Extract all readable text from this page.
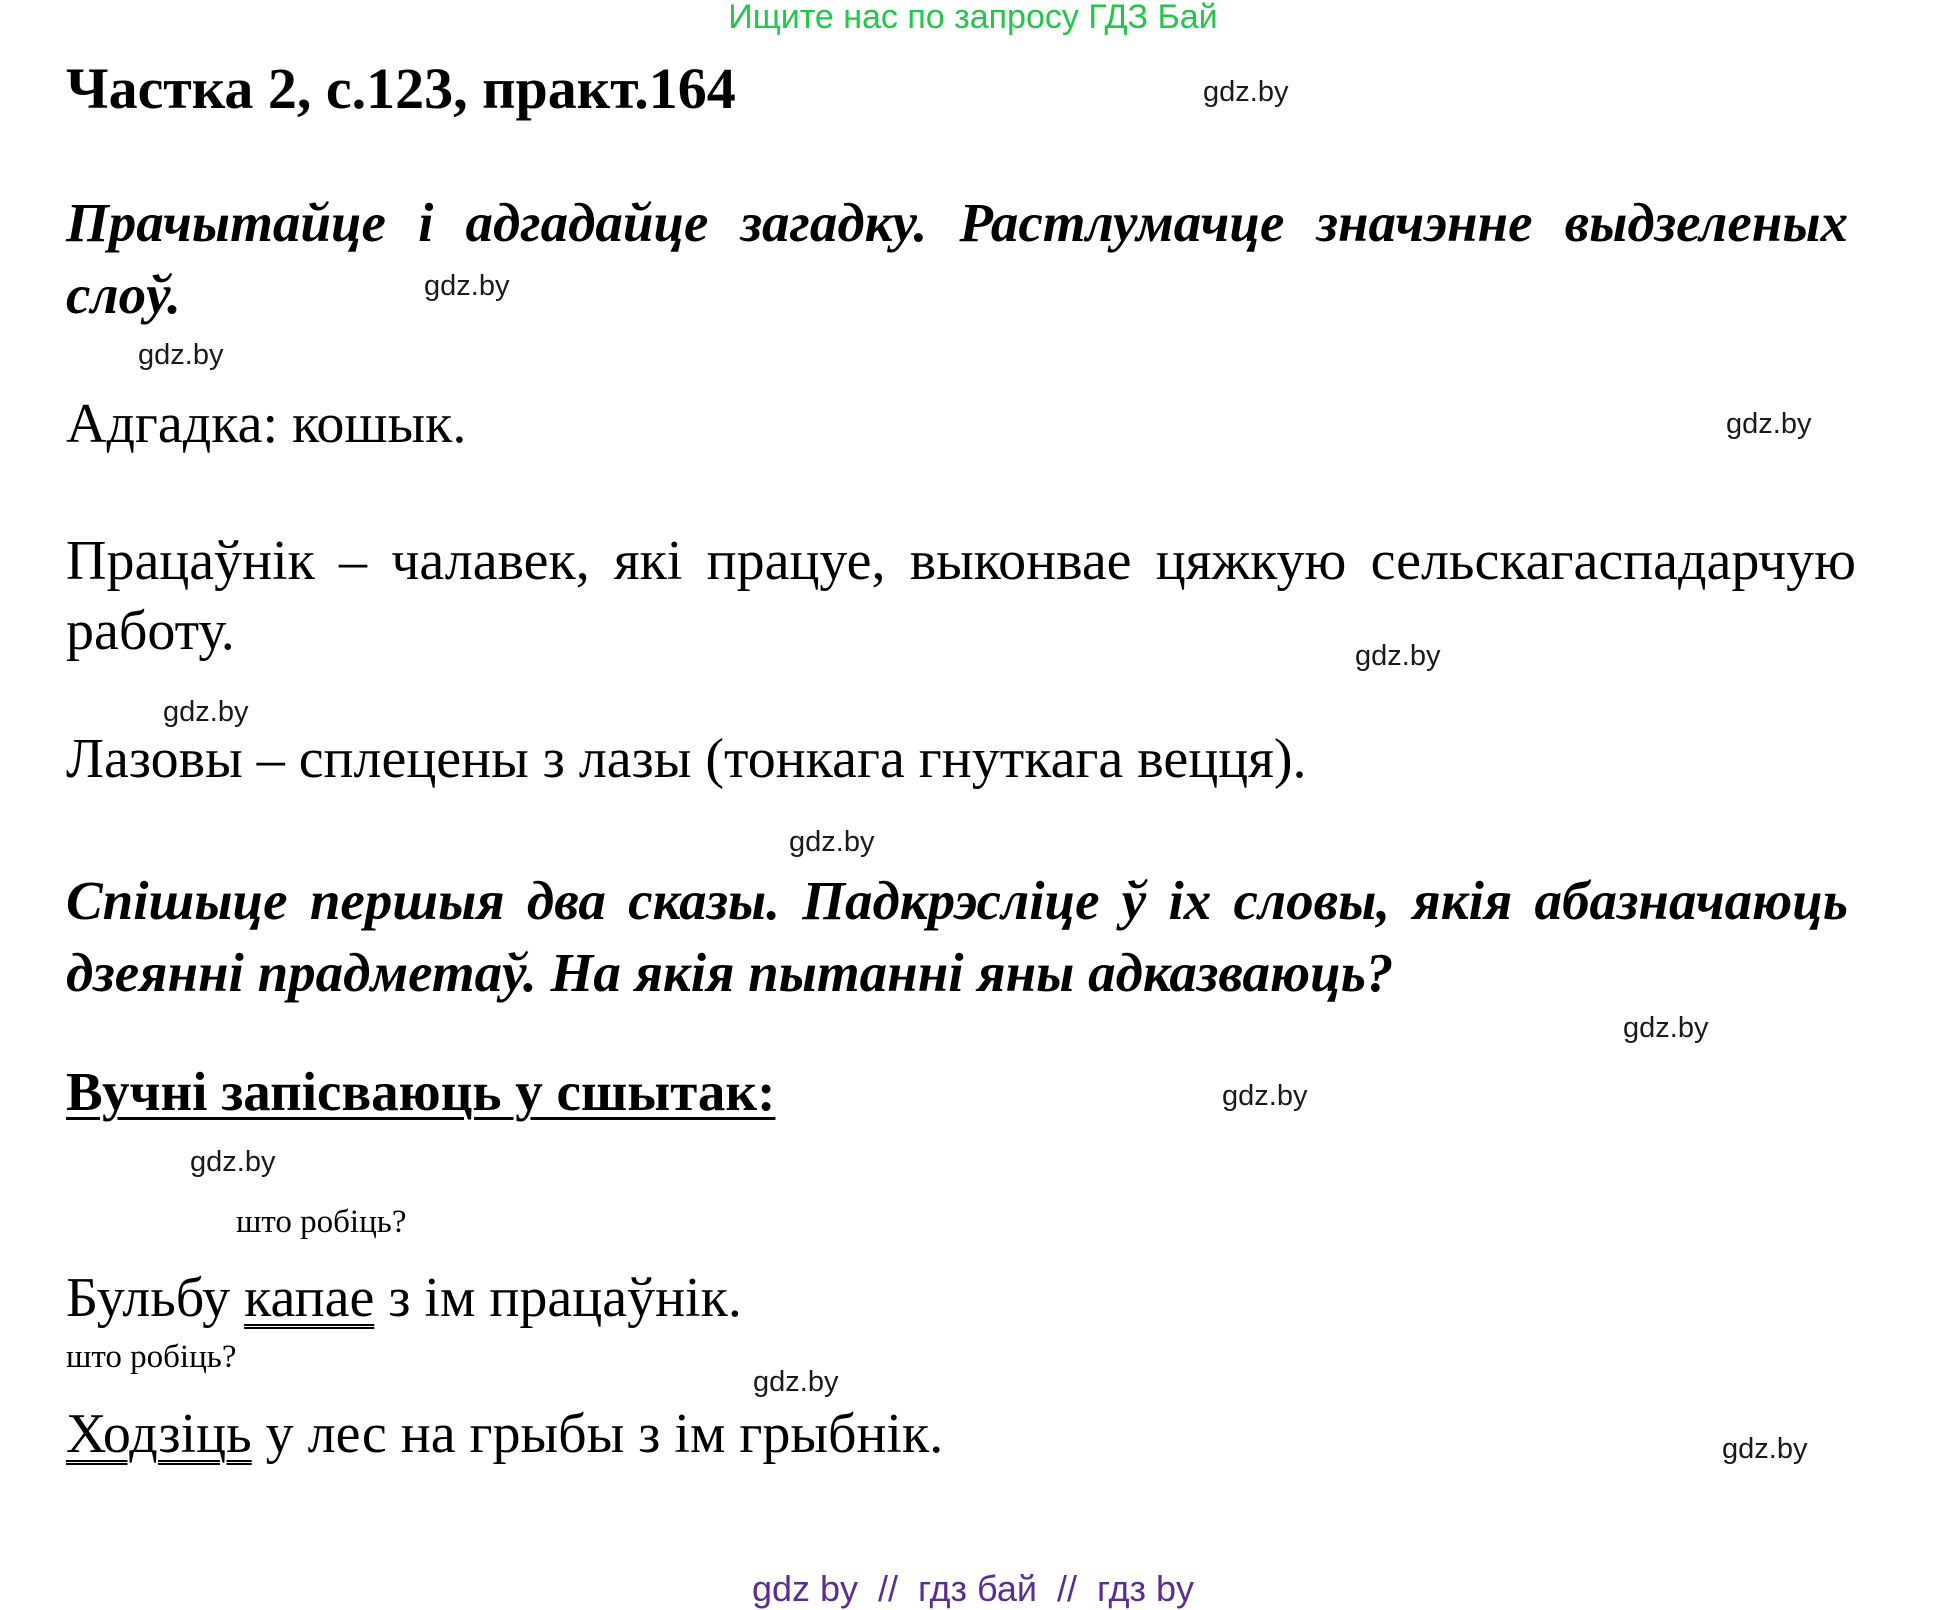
Ищите нас по запросу ГДЗ Бай
Частка 2, с.123, практ.164
Прачытайце і адгадайце загадку. Растлумачце значэнне выдзеленых слоў.
Адгадка: кошык.
Працаўнік – чалавек, які працуе, выконвае цяжкую сельскагаспадарчую работу.
Лазовы – сплецены з лазы (тонкага гнуткага вецця).
Спішыце першыя два сказы. Падкрэсліце ў іх словы, якія абазначаюць дзеянні прадметаў. На якія пытанні яны адказваюць?
Вучні запісваюць у сшытак:
што робіць?
Бульбу капае з ім працаўнік.
што робіць?
Ходзіць у лес на грыбы з ім грыбнік.
gdz.by
gdz.by
gdz.by
gdz.by
gdz.by
gdz.by
gdz.by
gdz.by
gdz.by
gdz.by
gdz.by
gdz.by
gdz by  //  гдз бай  //  гдз by
